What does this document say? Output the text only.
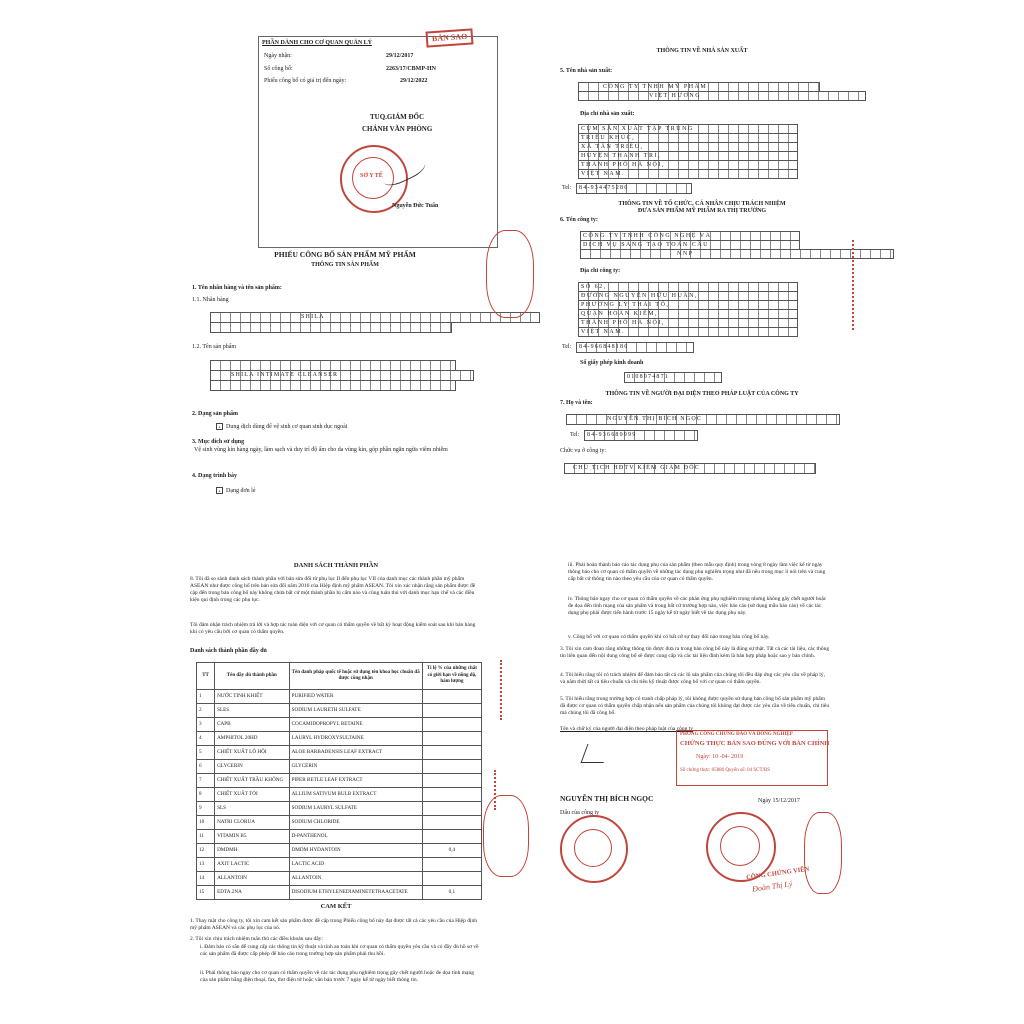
PHẦN DÀNH CHO CƠ QUAN QUẢN LÝ	BẢN SAO
Ngày nhận:	29/12/2017
Số công bố:	2263/17/CBMP-HN
Phiếu công bố có giá trị đến ngày:	29/12/2022
TUQ.GIÁM ĐỐC
CHÁNH VĂN PHÒNG
SỞ Y TẾ
Nguyễn Đức Tuấn
PHIẾU CÔNG BỐ SẢN PHẨM MỸ PHẨM
THÔNG TIN SẢN PHẨM
1. Tên nhãn hàng và tên sản phẩm:
1.1. Nhãn hàng
SHILA
1.2. Tên sản phẩm
SHILA INTIMATE CLEANSER
2. Dạng sản phẩm
x Dung dịch dùng để vệ sinh cơ quan sinh dục ngoài
3. Mục đích sử dụng
Vệ sinh vùng kín hàng ngày, làm sạch và duy trì độ ẩm cho da vùng kín, góp phần ngăn ngừa viêm nhiễm
4. Dạng trình bày
x Dạng đơn lẻ
THÔNG TIN VỀ NHÀ SẢN XUẤT
5. Tên nhà sản xuất:
CÔNG TY TNHH MỸ PHẨM
VIỆT HƯƠNG
Địa chỉ nhà sản xuất:
CỤM SẢN XUẤT TẬP TRUNG
TRIỀU KHÚC,
XÃ TÂN TRIỀU,
HUYỆN THANH TRÌ,
THÀNH PHỐ HÀ NỘI,
VIỆT NAM.
Tel:	84-934475286
THÔNG TIN VỀ TỔ CHỨC, CÁ NHÂN CHỊU TRÁCH NHIỆM
ĐƯA SẢN PHẨM MỸ PHẨM RA THỊ TRƯỜNG
6. Tên công ty:
CÔNG TY TNHH CÔNG NGHỆ VÀ
DỊCH VỤ SÁNG TẠO TOÀN CẦU
NNP
Địa chỉ công ty:
SỐ 62,
ĐƯỜNG NGUYỄN HỮU HUÂN,
PHƯỜNG LÝ THÁI TỔ,
QUẬN HOÀN KIẾM,
THÀNH PHỐ HÀ NỘI,
VIỆT NAM.
Tel:	84-966848186
Số giấy phép kinh doanh
0108074871
THÔNG TIN VỀ NGƯỜI ĐẠI DIỆN THEO PHÁP LUẬT CỦA CÔNG TY
7. Họ và tên:
NGUYỄN THỊ BÍCH NGỌC
Tel:	84-936689999
Chức vụ ở công ty:
CHỦ TỊCH HĐTV KIÊM GIÁM ĐỐC
DANH SÁCH THÀNH PHẦN
8. Tôi đã so sánh danh sách thành phần với bản sửa đổi từ phụ lục II đến phụ lục VII của danh mục các thành phần mỹ phẩm ASEAN như được công bố trên bản sửa đổi năm 2016 của Hiệp định mỹ phẩm ASEAN. Tôi xin xác nhận rằng sản phẩm được đề cập đến trong bản công bố này không chứa bất cứ một thành phần bị cấm nào và cũng tuân thủ với danh mục hạn chế và các điều kiện qui định trong các phụ lục.
Tôi đảm nhận trách nhiệm trả lời và hợp tác toàn diện với cơ quan có thẩm quyền về bất kỳ hoạt động kiểm soát sau khi bán hàng khi có yêu cầu bởi cơ quan có thẩm quyền.
Danh sách thành phần đầy đủ
TT	Tên đầy đủ thành phần	Tên danh pháp quốc tế hoặc sử dụng tên khoa học chuẩn đã được công nhận	Tỉ lệ % của những chất có giới hạn về nồng độ, hàm lượng
1	NƯỚC TINH KHIẾT	PURIFIED WATER	
2	SLES	SODIUM LAURETH SULFATE	
3	CAPB	COCAMIDOPROPYL BETAINE	
4	AMPHITOL 20HD	LAURYL HYDROXYSULTAINE	
5	CHIẾT XUẤT LÔ HỘI	ALOE BARBADENSIS LEAF EXTRACT	
6	GLYCERIN	GLYCERIN	
7	CHIẾT XUẤT TRẦU KHÔNG	PIPER BETLE LEAF EXTRACT	
8	CHIẾT XUẤT TỎI	ALLIUM SATIVUM BULB EXTRACT	
9	SLS	SODIUM LAURYL SULFATE	
10	NATRI CLORUA	SODIUM CHLORIDE	
11	VITAMIN B5	D-PANTHENOL	
12	DMDMH	DMDM HYDANTOIN	0,4
13	AXIT LACTIC	LACTIC ACID	
14	ALLANTOIN	ALLANTOIN	
15	EDTA.2NA	DISODIUM ETHYLENEDIAMINETETRAACETATE	0,1
CAM KẾT
1. Thay mặt cho công ty, tôi xin cam kết sản phẩm được đề cập trong Phiếu công bố này đạt được tất cả các yêu cầu của Hiệp định mỹ phẩm ASEAN và các phụ lục của nó.
2. Tôi xin chịu trách nhiệm tuân thủ các điều khoản sau đây:
i. Đảm bảo có sẵn để cung cấp các thông tin kỹ thuật và tính an toàn khi cơ quan có thẩm quyền yêu cầu và có đầy đủ hồ sơ về các sản phẩm đã được cấp phép để báo cáo trong trường hợp sản phẩm phải thu hồi.
ii. Phải thông báo ngay cho cơ quan có thẩm quyền về các tác dụng phụ nghiêm trọng gây chết người hoặc đe dọa tính mạng của sản phẩm bằng điện thoại, fax, thư điện tử hoặc văn bản trước 7 ngày kể từ ngày biết thông tin.
iii. Phải hoàn thành báo cáo tác dụng phụ của sản phẩm (theo mẫu quy định) trong vòng 8 ngày làm việc kể từ ngày thông báo cho cơ quan có thẩm quyền về những tác dụng phụ nghiêm trọng như đã nêu trong mục ii nói trên và cung cấp bất cứ thông tin nào theo yêu cầu của cơ quan có thẩm quyền.
iv. Thông báo ngay cho cơ quan có thẩm quyền về các phản ứng phụ nghiêm trọng nhưng không gây chết người hoặc đe dọa đến tính mạng của sản phẩm và trong bất cứ trường hợp nào, việc báo cáo (sử dụng mẫu báo cáo) về các tác dụng phụ phải được tiến hành trước 15 ngày kể từ ngày biết về tác dụng phụ này.
v. Công bố với cơ quan có thẩm quyền khi có bất cứ sự thay đổi nào trong bản công bố này.
3. Tôi xin cam đoan rằng những thông tin được đưa ra trong bản công bố này là đúng sự thật. Tất cả các tài liệu, các thông tin liên quan đến nội dung công bố sẽ được cung cấp và các tài liệu đính kèm là bản hợp pháp hoặc sao y bản chính.
4. Tôi hiểu rằng tôi có trách nhiệm để đảm bảo tất cả các lô sản phẩm của chúng tôi đều đáp ứng các yêu cầu về pháp lý, và nắm thời tất cả tiêu chuẩn và chỉ tiêu kỹ thuật được công bố với cơ quan có thẩm quyền.
5. Tôi hiểu rằng trong trường hợp có tranh chấp pháp lý, tôi không được quyền sử dụng bản công bố sản phẩm mỹ phẩm đã được cơ quan có thẩm quyền chấp nhận nếu sản phẩm của chúng tôi không đạt được các yêu cầu về tiêu chuẩn, chỉ tiêu mà chúng tôi đã công bố.
Tên và chữ ký của người đại diện theo pháp luật của công ty
PHÒNG CÔNG CHỨNG ĐẢO VÀ ĐỒNG NGHIỆP
CHỨNG THỰC BẢN SAO ĐÚNG VỚI BẢN CHÍNH
Ngày: 10 -04- 2019
Số chứng thực: 05886 Quyển số: 04 SCT/BS
NGUYỄN THỊ BÍCH NGỌC
Dấu của công ty
Ngày 15/12/2017
CÔNG CHỨNG VIÊN
Đoàn Thị Lý
